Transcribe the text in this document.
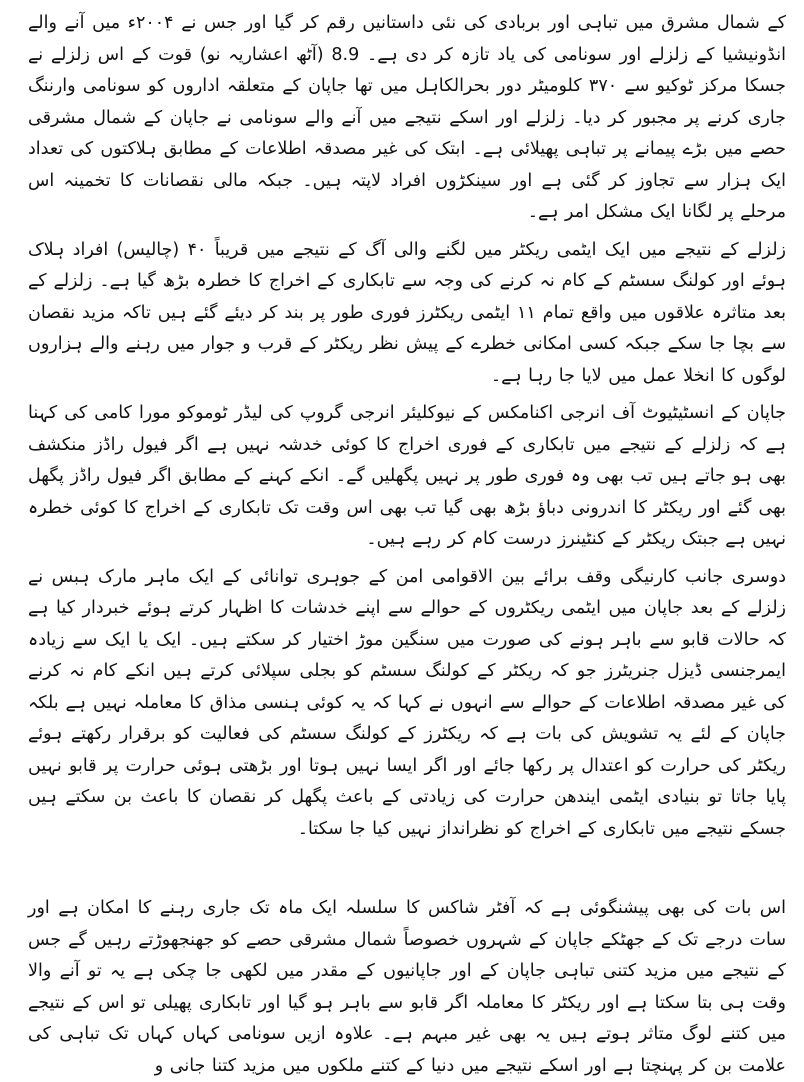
کے شمال مشرق میں تباہی اور بربادی کی نئی داستانیں رقم کر گیا اور جس نے ۲۰۰۴ء میں آنے والے انڈونیشیا کے زلزلے اور سونامی کی یاد تازہ کر دی ہے۔ 8.9 (آٹھ اعشاریہ نو) قوت کے اس زلزلے نے جسکا مرکز ٹوکیو سے ۳۷۰ کلومیٹر دور بحرالکاہل میں تھا جاپان کے متعلقہ اداروں کو سونامی وارننگ جاری کرنے پر مجبور کر دیا۔ زلزلے اور اسکے نتیجے میں آنے والے سونامی نے جاپان کے شمال مشرقی حصے میں بڑے پیمانے پر تباہی پھیلائی ہے۔ ابتک کی غیر مصدقہ اطلاعات کے مطابق ہلاکتوں کی تعداد ایک ہزار سے تجاوز کر گئی ہے اور سینکڑوں افراد لاپتہ ہیں۔ جبکہ مالی نقصانات کا تخمینہ اس مرحلے پر لگانا ایک مشکل امر ہے۔

زلزلے کے نتیجے میں ایک ایٹمی ریکٹر میں لگنے والی آگ کے نتیجے میں قریباً ۴۰ (چالیس) افراد ہلاک ہوئے اور کولنگ سسٹم کے کام نہ کرنے کی وجہ سے تابکاری کے اخراج کا خطرہ بڑھ گیا ہے۔ زلزلے کے بعد متاثرہ علاقوں میں واقع تمام ۱۱ ایٹمی ریکٹرز فوری طور پر بند کر دیئے گئے ہیں تاکہ مزید نقصان سے بچا جا سکے جبکہ کسی امکانی خطرے کے پیش نظر ریکٹر کے قرب و جوار میں رہنے والے ہزاروں لوگوں کا انخلا عمل میں لایا جا رہا ہے۔

جاپان کے انسٹیٹیوٹ آف انرجی اکنامکس کے نیوکلیئر انرجی گروپ کی لیڈر ٹوموکو مورا کامی کی کہنا ہے کہ زلزلے کے نتیجے میں تابکاری کے فوری اخراج کا کوئی خدشہ نہیں ہے اگر فیول راڈز منکشف بھی ہو جاتے ہیں تب بھی وہ فوری طور پر نہیں پگھلیں گے۔ انکے کہنے کے مطابق اگر فیول راڈز پگھل بھی گئے اور ریکٹر کا اندرونی دباؤ بڑھ بھی گیا تب بھی اس وقت تک تابکاری کے اخراج کا کوئی خطرہ نہیں ہے جبتک ریکٹر کے کنٹینرز درست کام کر رہے ہیں۔

دوسری جانب کارنیگی وقف برائے بین الاقوامی امن کے جوہری توانائی کے ایک ماہر مارک ہبس نے زلزلے کے بعد جاپان میں ایٹمی ریکٹروں کے حوالے سے اپنے خدشات کا اظہار کرتے ہوئے خبردار کیا ہے کہ حالات قابو سے باہر ہونے کی صورت میں سنگین موڑ اختیار کر سکتے ہیں۔ ایک یا ایک سے زیادہ ایمرجنسی ڈیزل جنریٹرز جو کہ ریکٹر کے کولنگ سسٹم کو بجلی سپلائی کرتے ہیں انکے کام نہ کرنے کی غیر مصدقہ اطلاعات کے حوالے سے انہوں نے کہا کہ یہ کوئی ہنسی مذاق کا معاملہ نہیں ہے بلکہ جاپان کے لئے یہ تشویش کی بات ہے کہ ریکٹرز کے کولنگ سسٹم کی فعالیت کو برقرار رکھتے ہوئے ریکٹر کی حرارت کو اعتدال پر رکھا جائے اور اگر ایسا نہیں ہوتا اور بڑھتی ہوئی حرارت پر قابو نہیں پایا جاتا تو بنیادی ایٹمی ایندھن حرارت کی زیادتی کے باعث پگھل کر نقصان کا باعث بن سکتے ہیں جسکے نتیجے میں تابکاری کے اخراج کو نظرانداز نہیں کیا جا سکتا۔

اس بات کی بھی پیشنگوئی ہے کہ آفٹر شاکس کا سلسلہ ایک ماہ تک جاری رہنے کا امکان ہے اور سات درجے تک کے جھٹکے جاپان کے شہروں خصوصاً شمال مشرقی حصے کو جھنجھوڑتے رہیں گے جس کے نتیجے میں مزید کتنی تباہی جاپان کے اور جاپانیوں کے مقدر میں لکھی جا چکی ہے یہ تو آنے والا وقت ہی بتا سکتا ہے اور ریکٹر کا معاملہ اگر قابو سے باہر ہو گیا اور تابکاری پھیلی تو اس کے نتیجے میں کتنے لوگ متاثر ہوتے ہیں یہ بھی غیر مبہم ہے۔ علاوہ ازیں سونامی کہاں کہاں تک تباہی کی علامت بن کر پہنچتا ہے اور اسکے نتیجے میں دنیا کے کتنے ملکوں میں مزید کتنا جانی و
